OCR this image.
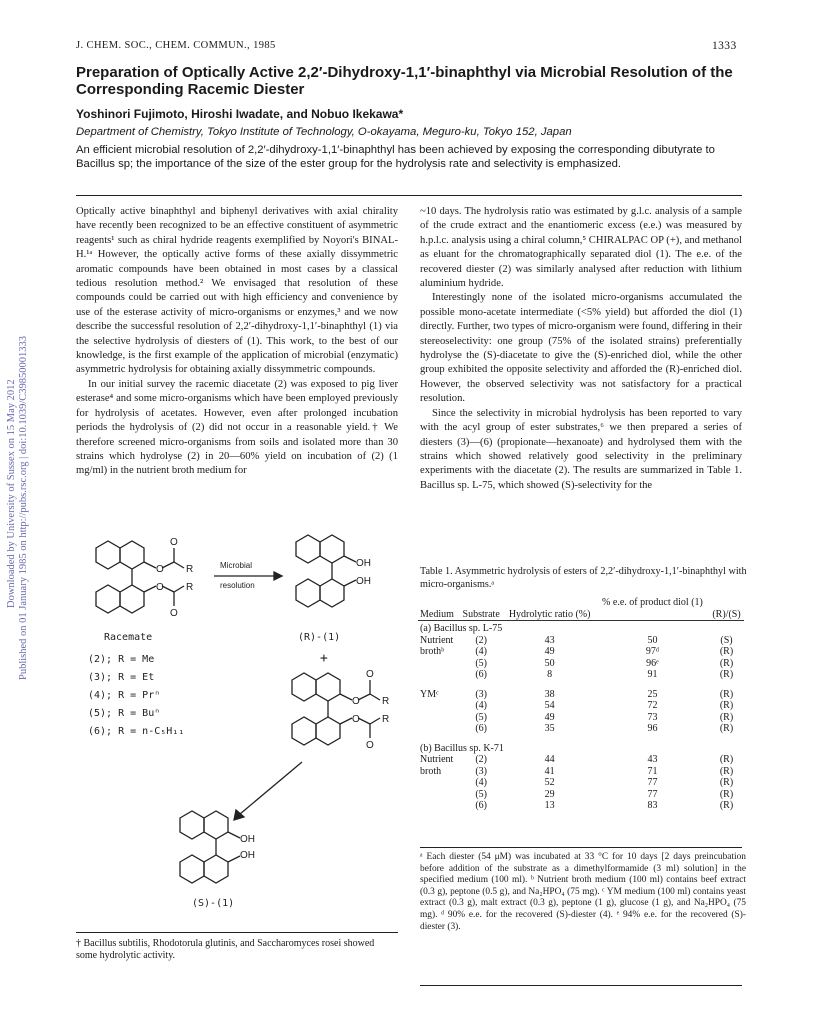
Downloaded by University of Sussex on 15 May 2012 Published on 01 January 1985 on http://pubs.rsc.org | doi:10.1039/C39850001333
J. CHEM. SOC., CHEM. COMMUN., 1985	1333
Preparation of Optically Active 2,2′-Dihydroxy-1,1′-binaphthyl via Microbial Resolution of the Corresponding Racemic Diester
Yoshinori Fujimoto, Hiroshi Iwadate, and Nobuo Ikekawa*
Department of Chemistry, Tokyo Institute of Technology, O-okayama, Meguro-ku, Tokyo 152, Japan
An efficient microbial resolution of 2,2′-dihydroxy-1,1′-binaphthyl has been achieved by exposing the corresponding dibutyrate to Bacillus sp; the importance of the size of the ester group for the hydrolysis rate and selectivity is emphasized.

Optically active binaphthyl and biphenyl derivatives with axial chirality have recently been recognized to be an effective constituent of asymmetric reagents¹ such as chiral hydride reagents exemplified by Noyori's BINAL-H.¹ᵃ However, the optically active forms of these axially dissymmetric aromatic compounds have been obtained in most cases by a classical tedious resolution method.² We envisaged that resolution of these compounds could be carried out with high efficiency and convenience by use of the esterase activity of micro-organisms or enzymes,³ and we now describe the successful resolution of 2,2′-dihydroxy-1,1′-binaphthyl (1) via the selective hydrolysis of diesters of (1). This work, to the best of our knowledge, is the first example of the application of microbial (enzymatic) asymmetric hydrolysis for obtaining axially dissymmetric compounds.

In our initial survey the racemic diacetate (2) was exposed to pig liver esterase⁴ and some micro-organisms which have been employed previously for hydrolysis of acetates. However, even after prolonged incubation periods the hydrolysis of (2) did not occur in a reasonable yield.† We therefore screened micro-organisms from soils and isolated more than 30 strains which hydrolyse (2) in 20—60% yield on incubation of (2) (1 mg/ml) in the nutrient broth medium for

~10 days. The hydrolysis ratio was estimated by g.l.c. analysis of a sample of the crude extract and the enantiomeric excess (e.e.) was measured by h.p.l.c. analysis using a chiral column,⁵ CHIRALPAC OP (+), and methanol as eluant for the chromatographically separated diol (1). The e.e. of the recovered diester (2) was similarly analysed after reduction with lithium aluminium hydride.

Interestingly none of the isolated micro-organisms accumulated the possible mono-acetate intermediate (<5% yield) but afforded the diol (1) directly. Further, two types of micro-organism were found, differing in their stereoselectivity: one group (75% of the isolated strains) preferentially hydrolyse the (S)-diacetate to give the (S)-enriched diol, while the other group exhibited the opposite selectivity and afforded the (R)-enriched diol. However, the observed selectivity was not satisfactory for a practical resolution.

Since the selectivity in microbial hydrolysis has been reported to vary with the acyl group of ester substrates,⁶ we then prepared a series of diesters (3)—(6) (propionate—hexanoate) and hydrolysed them with the strains which showed relatively good selectivity in the preliminary experiments with the diacetate (2). The results are summarized in Table 1. Bacillus sp. L-75, which showed (S)-selectivity for the

O
O
O
O
R
R
Microbial
resolution
OH
OH
O
O
O
O
R
R
OH
OH
Racemate
(2); R = Me
(3); R = Et
(4); R = Prⁿ
(5); R = Buⁿ
(6); R = n-C₅H₁₁
(R)-(1)
+
(S)-(1)
Table 1. Asymmetric hydrolysis of esters of 2,2′-dihydroxy-1,1′-binaphthyl with micro-organisms.ᵃ
			% e.e. of product diol (1)	
Medium	Substrate	Hydrolytic ratio (%)		(R)/(S)

(a) Bacillus sp. L-75				
Nutrient	(2)	43	50	(S)
brothᵇ	(4)	49	97ᵈ	(R)
	(5)	50	96ᵉ	(R)
	(6)	8	91	(R)
YMᶜ	(3)	38	25	(R)
	(4)	54	72	(R)
	(5)	49	73	(R)
	(6)	35	96	(R)

(b) Bacillus sp. K-71				
Nutrient	(2)	44	43	(R)
broth	(3)	41	71	(R)
	(4)	52	77	(R)
	(5)	29	77	(R)
	(6)	13	83	(R)
ᵃ Each diester (54 μM) was incubated at 33 °C for 10 days [2 days preincubation before addition of the substrate as a dimethylformamide (3 ml) solution] in the specified medium (100 ml). ᵇ Nutrient broth medium (100 ml) contains beef extract (0.3 g), peptone (0.5 g), and Na₂HPO₄ (75 mg). ᶜ YM medium (100 ml) contains yeast extract (0.3 g), malt extract (0.3 g), peptone (1 g), glucose (1 g), and Na₂HPO₄ (75 mg). ᵈ 90% e.e. for the recovered (S)-diester (4). ᵉ 94% e.e. for the recovered (S)-diester (3).
† Bacillus subtilis, Rhodotorula glutinis, and Saccharomyces rosei showed some hydrolytic activity.
